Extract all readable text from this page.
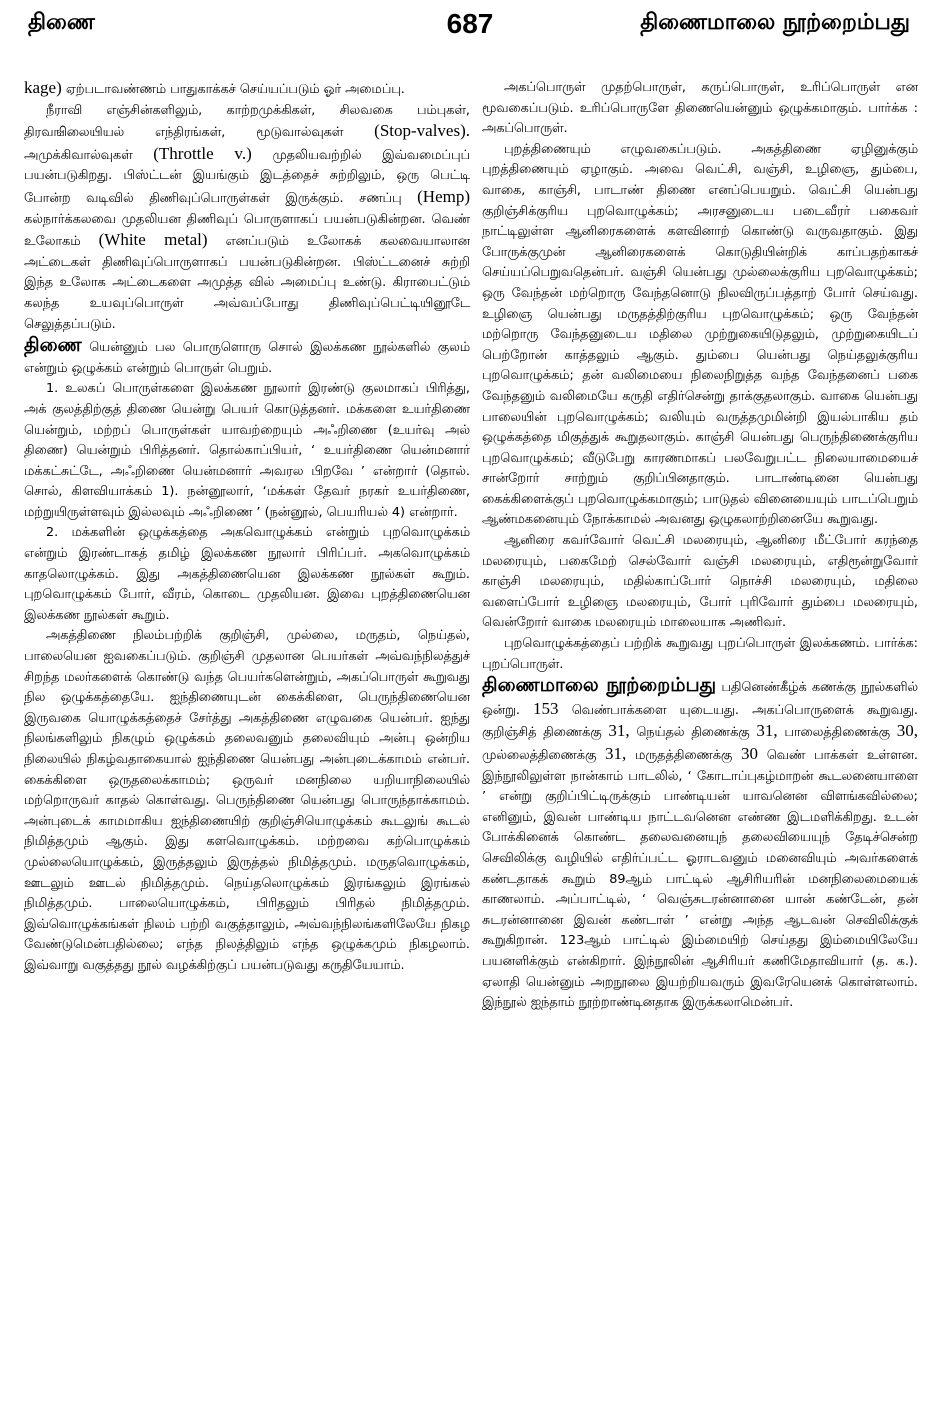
திணை	687	திணைமாலை நூற்றைம்பது

kage) ஏற்படாவண்ணம் பாதுகாக்கச் செய்யப்படும் ஓர் அமைப்பு.

நீராவி எஞ்சின்களிலும், காற்றமுக்கிகள், சிலவகை பம்புகள், திரவஙிலையியல் எந்திரங்கள், மூடுவால்வுகள் (Stop-valves). அமுக்கிவால்வுகள் (Throttle v.) முதலியவற்றில் இவ்வமைப்புப் பயன்படுகிறது. பிஸ்ட்டன் இயங்கும் இடத்தைச் சுற்றிலும், ஒரு பெட்டி போன்ற வடிவில் திணிவுப்பொருள்கள் இருக்கும். சணப்பு (Hemp) கல்நார்க்கலவை முதலியன திணிவுப் பொருளாகப் பயன்படுகின்றன. வெண் உலோகம் (White metal) எனப்படும் உலோகக் கலவையாலான அட்டைகள் திணிவுப்பொருளாகப் பயன்படுகின்றன. பிஸ்ட்டனைச் சுற்றி இந்த உலோக அட்டைகளை அமுத்த வில் அமைப்பு உண்டு. கிராபைட்டும் கலந்த உயவுப்பொருள் அவ்வப்போது திணிவுப்பெட்டியினூடே செலுத்தப்படும்.

திணை யென்னும் பல பொருளொரு சொல் இலக்கண நூல்களில் குலம் என்றும் ஒழுக்கம் என்றும் பொருள் பெறும்.

1. உலகப் பொருள்களை இலக்கண நூலார் இரண்டு குலமாகப் பிரித்து, அக் குலத்திற்குத் திணை யென்று பெயர் கொடுத்தனர். மக்களை உயர்திணை யென்றும், மற்றப் பொருள்கள் யாவற்றையும் அஃறிணை (உயர்வு அல் திணை) யென்றும் பிரித்தனர். தொல்காப்பியர், ‘ உயர்திணை யென்மனார் மக்கட்சுட்டே, அஃறிணை யென்மனார் அவரல பிறவே ’ என்றார் (தொல். சொல், கிளவியாக்கம் 1). நன்னூலார், ‘மக்கள் தேவர் நரகர் உயர்திணை, மற்றுயிருள்ளவும் இல்லவும் அஃறிணை ’ (நன்னூல், பெயரியல் 4) என்றார்.

2. மக்களின் ஒழுக்கத்தை அகவொழுக்கம் என்றும் புறவொழுக்கம் என்றும் இரண்டாகத் தமிழ் இலக்கண நூலார் பிரிப்பர். அகவொழுக்கம் காதலொழுக்கம். இது அகத்திணையென இலக்கண நூல்கள் கூறும். புறவொழுக்கம் போர், வீரம், கொடை முதலியன. இவை புறத்திணையென இலக்கண நூல்கள் கூறும்.

அகத்திணை நிலம்பற்றிக் குறிஞ்சி, முல்லை, மருதம், நெய்தல், பாலையென ஐவகைப்படும். குறிஞ்சி முதலான பெயர்கள் அவ்வந்நிலத்துச் சிறந்த மலர்களைக் கொண்டு வந்த பெயர்களென்றும், அகப்பொருள் கூறுவது நில ஒழுக்கத்தையே. ஐந்திணையுடன் கைக்கிளை, பெருந்திணையென இருவகை யொழுக்கத்தைச் சேர்த்து அகத்திணை எழுவகை யென்பர். ஐந்து நிலங்களிலும் நிகழும் ஒழுக்கம் தலைவனும் தலைவியும் அன்பு ஒன்றிய நிலையில் நிகழ்வதாகையால் ஐந்திணை யென்பது அன்புடைக்காமம் என்பர். கைக்கிளை ஒருதலைக்காமம்; ஒருவர் மனநிலை யறியாநிலையில் மற்றொருவர் காதல் கொள்வது. பெருந்திணை யென்பது பொருந்தாக்காமம். அன்புடைக் காமமாகிய ஐந்திணையிற் குறிஞ்சியொழுக்கம் கூடலுங் கூடல் நிமித்தமும் ஆகும். இது களவொழுக்கம். மற்றவை கற்பொழுக்கம் முல்லையொழுக்கம், இருத்தலும் இருத்தல் நிமித்தமும். மருதவொழுக்கம், ஊடலும் ஊடல் நிமித்தமும். நெய்தலொழுக்கம் இரங்கலும் இரங்கல் நிமித்தமும். பாலையொழுக்கம், பிரிதலும் பிரிதல் நிமித்தமும். இவ்வொழுக்கங்கள் நிலம் பற்றி வகுத்தாலும், அவ்வந்நிலங்களிலேயே நிகழ வேண்டுமென்பதில்லை; எந்த நிலத்திலும் எந்த ஒழுக்கமும் நிகழலாம். இவ்வாறு வகுத்தது நூல் வழக்கிற்குப் பயன்படுவது கருதியேயாம்.

அகப்பொருள் முதற்பொருள், கருப்பொருள், உரிப்பொருள் என மூவகைப்படும். உரிப்பொருளே திணையென்னும் ஒழுக்கமாகும். பார்க்க : அகப்பொருள்.

புறத்திணையும் எழுவகைப்படும். அகத்திணை ஏழினுக்கும் புறத்திணையும் ஏழாகும். அவை வெட்சி, வஞ்சி, உழிஞை, தும்பை, வாகை, காஞ்சி, பாடாண் திணை எனப்பெயறும். வெட்சி யென்பது குறிஞ்சிக்குரிய புறவொழுக்கம்; அரசனுடைய படைவீரர் பகைவர் நாட்டிலுள்ள ஆனிரைகளைக் களவினாற் கொண்டு வருவதாகும். இது போருக்குமுன் ஆனிரைகளைக் கொடுதியின்றிக் காப்பதற்காகச் செய்யப்பெறுவதென்பர். வஞ்சி யென்பது முல்லைக்குரிய புறவொழுக்கம்; ஒரு வேந்தன் மற்றொரு வேந்தனொடு நிலவிருப்பத்தாற் போர் செய்வது. உழிஞை யென்பது மருதத்திற்குரிய புறவொழுக்கம்; ஒரு வேந்தன் மற்றொரு வேந்தனுடைய மதிலை முற்றுகையிடுதலும், முற்றுகையிடப் பெற்றோன் காத்தலும் ஆகும். தும்பை யென்பது நெய்தலுக்குரிய புறவொழுக்கம்; தன் வலிமையை நிலைநிறுத்த வந்த வேந்தனைப் பகை வேந்தனும் வலிமையே கருதி எதிர்சென்று தாக்குதலாகும். வாகை யென்பது பாலையின் புறவொழுக்கம்; வலியும் வருத்தமுமின்றி இயல்பாகிய தம் ஒழுக்கத்தை மிகுத்துக் கூறுதலாகும். காஞ்சி யென்பது பெருந்திணைக்குரிய புறவொழுக்கம்; வீடுபேறு காரணமாகப் பலவேறுபட்ட நிலையாமையைச் சான்றோர் சாற்றும் குறிப்பினதாகும். பாடாண்டினை யென்பது கைக்கிளைக்குப் புறவொழுக்கமாகும்; பாடுதல் வினையையும் பாடப்பெறும் ஆண்மகனையும் நோக்காமல் அவனது ஒழுகலாற்றினையே கூறுவது.

ஆனிரை கவர்வோர் வெட்சி மலரையும், ஆனிரை மீட்போர் கரந்தை மலரையும், பகைமேற் செல்வோர் வஞ்சி மலரையும், எதிரூன்றுவோர் காஞ்சி மலரையும், மதில்காப்போர் நொச்சி மலரையும், மதிலை வளைப்போர் உழிஞை மலரையும், போர் புரிவோர் தும்பை மலரையும், வென்றோர் வாகை மலரையும் மாலையாக அணிவர்.

புறவொழுக்கத்தைப் பற்றிக் கூறுவது புறப்பொருள் இலக்கணம். பார்க்க: புறப்பொருள்.

திணைமாலை நூற்றைம்பது பதினெண்கீழ்க் கணக்கு நூல்களில் ஒன்று. 153 வெண்பாக்களை யுடையது. அகப்பொருளைக் கூறுவது. குறிஞ்சித் திணைக்கு 31, நெய்தல் திணைக்கு 31, பாலைத்திணைக்கு 30, முல்லைத்திணைக்கு 31, மருதத்திணைக்கு 30 வெண் பாக்கள் உள்ளன. இந்நூலிலுள்ள நான்காம் பாடலில், ‘ கோடாப்புகழ்மாறன் கூடலனையாளை ’ என்று குறிப்பிட்டிருக்கும் பாண்டியன் யாவனென விளங்கவில்லை; எனினும், இவன் பாண்டிய நாட்டவனென எண்ண இடமளிக்கிறது. உடன் போக்கினைக் கொண்ட தலைவனையுந் தலைவியையுந் தேடிச்சென்ற செவிலிக்கு வழியில் எதிர்ப்பட்ட ஓராடவனும் மனைவியும் அவர்களைக் கண்டதாகக் கூறும் 89ஆம் பாட்டில் ஆசிரியரின் மனநிலைமையைக் காணலாம். அப்பாட்டில், ‘ வெஞ்சுடரன்னானை யான் கண்டேன், தன் சுடரன்னானை இவன் கண்டாள் ’ என்று அந்த ஆடவன் செவிலிக்குக் கூறுகிறான். 123ஆம் பாட்டில் இம்மையிற் செய்தது இம்மையிலேயே பயனளிக்கும் என்கிறார். இந்நூலின் ஆசிரியர் கணிமேதாவியார் (த. க.). ஏலாதி யென்னும் அறநூலை இயற்றியவரும் இவரேயெனக் கொள்ளலாம். இந்நூல் ஐந்தாம் நூற்றாண்டினதாக இருக்கலாமென்பர்.
